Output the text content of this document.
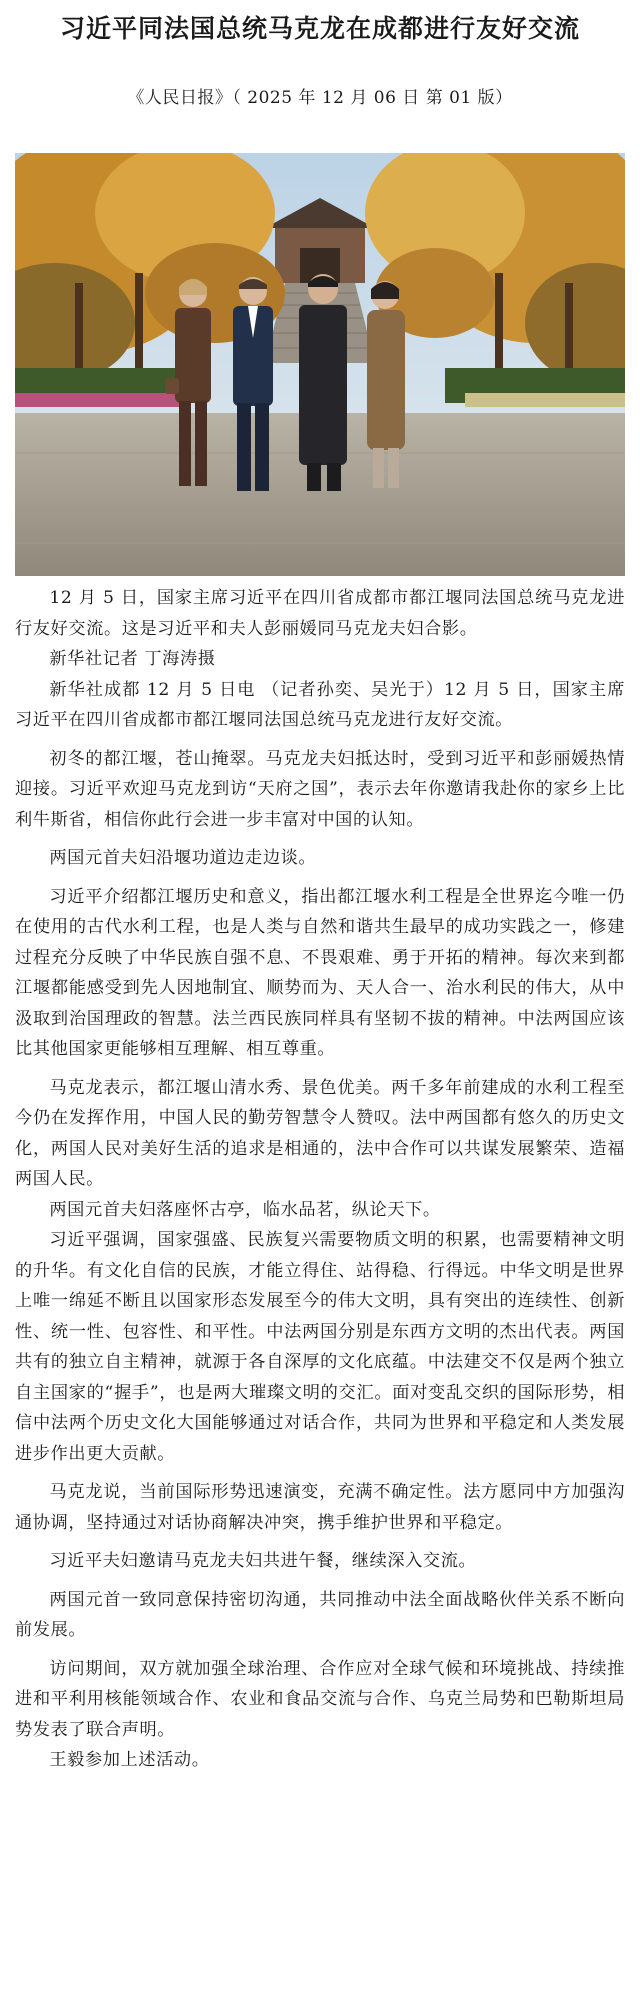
习近平同法国总统马克龙在成都进行友好交流
《人民日报》（ 2025 年 12 月 06 日 第 01 版）

12 月 5 日，国家主席习近平在四川省成都市都江堰同法国总统马克龙进行友好交流。这是习近平和夫人彭丽媛同马克龙夫妇合影。

新华社记者 丁海涛摄

新华社成都 12 月 5 日电 （记者孙奕、吴光于）12 月 5 日，国家主席习近平在四川省成都市都江堰同法国总统马克龙进行友好交流。

初冬的都江堰，苍山掩翠。马克龙夫妇抵达时，受到习近平和彭丽媛热情迎接。习近平欢迎马克龙到访“天府之国”，表示去年你邀请我赴你的家乡上比利牛斯省，相信你此行会进一步丰富对中国的认知。

两国元首夫妇沿堰功道边走边谈。

习近平介绍都江堰历史和意义，指出都江堰水利工程是全世界迄今唯一仍在使用的古代水利工程，也是人类与自然和谐共生最早的成功实践之一，修建过程充分反映了中华民族自强不息、不畏艰难、勇于开拓的精神。每次来到都江堰都能感受到先人因地制宜、顺势而为、天人合一、治水利民的伟大，从中汲取到治国理政的智慧。法兰西民族同样具有坚韧不拔的精神。中法两国应该比其他国家更能够相互理解、相互尊重。

马克龙表示，都江堰山清水秀、景色优美。两千多年前建成的水利工程至今仍在发挥作用，中国人民的勤劳智慧令人赞叹。法中两国都有悠久的历史文化，两国人民对美好生活的追求是相通的，法中合作可以共谋发展繁荣、造福两国人民。

两国元首夫妇落座怀古亭，临水品茗，纵论天下。

习近平强调，国家强盛、民族复兴需要物质文明的积累，也需要精神文明的升华。有文化自信的民族，才能立得住、站得稳、行得远。中华文明是世界上唯一绵延不断且以国家形态发展至今的伟大文明，具有突出的连续性、创新性、统一性、包容性、和平性。中法两国分别是东西方文明的杰出代表。两国共有的独立自主精神，就源于各自深厚的文化底蕴。中法建交不仅是两个独立自主国家的“握手”，也是两大璀璨文明的交汇。面对变乱交织的国际形势，相信中法两个历史文化大国能够通过对话合作，共同为世界和平稳定和人类发展进步作出更大贡献。

马克龙说，当前国际形势迅速演变，充满不确定性。法方愿同中方加强沟通协调，坚持通过对话协商解决冲突，携手维护世界和平稳定。

习近平夫妇邀请马克龙夫妇共进午餐，继续深入交流。

两国元首一致同意保持密切沟通，共同推动中法全面战略伙伴关系不断向前发展。

访问期间，双方就加强全球治理、合作应对全球气候和环境挑战、持续推进和平利用核能领域合作、农业和食品交流与合作、乌克兰局势和巴勒斯坦局势发表了联合声明。

王毅参加上述活动。
